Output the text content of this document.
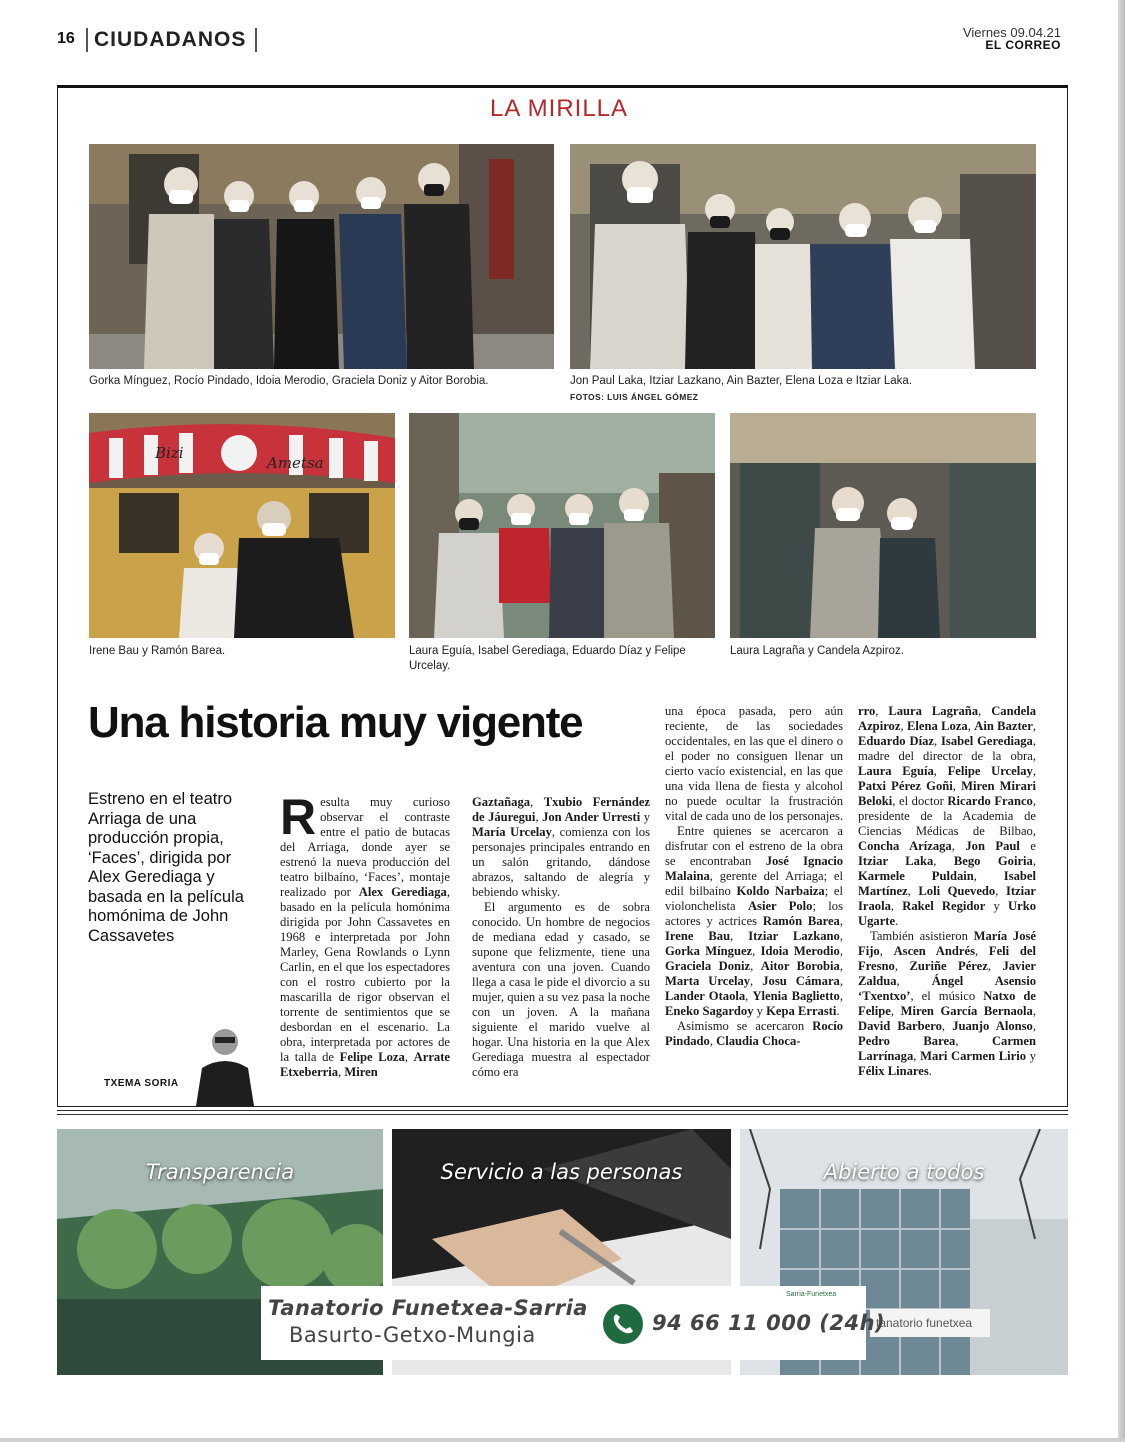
16 CIUDADANOS	Viernes 09.04.21
EL CORREO
LA MIRILLA
Gorka Mínguez, Rocío Pindado, Idoia Merodio, Graciela Doniz y Aitor Borobia.	Jon Paul Laka, Itziar Lazkano, Ain Bazter, Elena Loza e Itziar Laka.
FOTOS: LUIS ÁNGEL GÓMEZ
Bizi
Ametsa
Irene Bau y Ramón Barea.	Laura Eguía, Isabel Gerediaga, Eduardo Díaz y Felipe Urcelay.
Laura Lagraña y Candela Azpiroz.
Una historia muy vigente
Estreno en el teatro Arriaga de una producción propia, ‘Faces’, dirigida por Alex Gerediaga y basada en la película homónima de John Cassavetes
TXEMA SORIA

Resulta muy curioso observar el contraste entre el patio de butacas del Arriaga, donde ayer se estrenó la nueva producción del teatro bilbaíno, ‘Faces’, montaje realizado por Alex Gerediaga, basado en la película homónima dirigida por John Cassavetes en 1968 e interpretada por John Marley, Gena Rowlands o Lynn Carlin, en el que los espectadores con el rostro cubierto por la mascarilla de rigor observan el torrente de sentimientos que se desbordan en el escenario. La obra, interpretada por actores de la talla de Felipe Loza, Arrate Etxeberria, Miren

Gaztañaga, Txubio Fernández de Jáuregui, Jon Ander Urresti y María Urcelay, comienza con los personajes principales entrando en un salón gritando, dándose abrazos, saltando de alegría y bebiendo whisky.

El argumento es de sobra conocido. Un hombre de negocios de mediana edad y casado, se supone que felizmente, tiene una aventura con una joven. Cuando llega a casa le pide el divorcio a su mujer, quien a su vez pasa la noche con un joven. A la mañana siguiente el marido vuelve al hogar. Una historia en la que Alex Gerediaga muestra al espectador cómo era

una época pasada, pero aún reciente, de las sociedades occidentales, en las que el dinero o el poder no consiguen llenar un cierto vacío existencial, en las que una vida llena de fiesta y alcohol no puede ocultar la frustración vital de cada uno de los personajes.

Entre quienes se acercaron a disfrutar con el estreno de la obra se encontraban José Ignacio Malaina, gerente del Arriaga; el edil bilbaíno Koldo Narbaiza; el violonchelista Asier Polo; los actores y actrices Ramón Barea, Irene Bau, Itziar Lazkano, Gorka Mínguez, Idoia Merodio, Graciela Doniz, Aitor Borobia, Marta Urcelay, Josu Cámara, Lander Otaola, Ylenia Baglietto, Eneko Sagardoy y Kepa Errasti.

Asimismo se acercaron Rocío Pindado, Claudia Choca-

rro, Laura Lagraña, Candela Azpiroz, Elena Loza, Ain Bazter, Eduardo Díaz, Isabel Gerediaga, madre del director de la obra, Laura Eguía, Felipe Urcelay, Patxi Pérez Goñi, Miren Mirari Beloki, el doctor Ricardo Franco, presidente de la Academia de Ciencias Médicas de Bilbao, Concha Arízaga, Jon Paul e Itziar Laka, Bego Goiria, Karmele Puldain, Isabel Martínez, Loli Quevedo, Itziar Iraola, Rakel Regidor y Urko Ugarte.

También asistieron María José Fijo, Ascen Andrés, Feli del Fresno, Zuriñe Pérez, Javier Zaldua, Ángel Asensio ‘Txentxo’, el músico Natxo de Felipe, Miren García Bernaola, David Barbero, Juanjo Alonso, Pedro Barea, Carmen Larrínaga, Mari Carmen Lirio y Félix Linares.

tanatorio funetxea
Transparencia	Servicio a las personas	Abierto a todos
Tanatorio Funetxea-Sarria
Basurto-Getxo-Mungia	94 66 11 000 (24h)
Sarria-Funetxea
